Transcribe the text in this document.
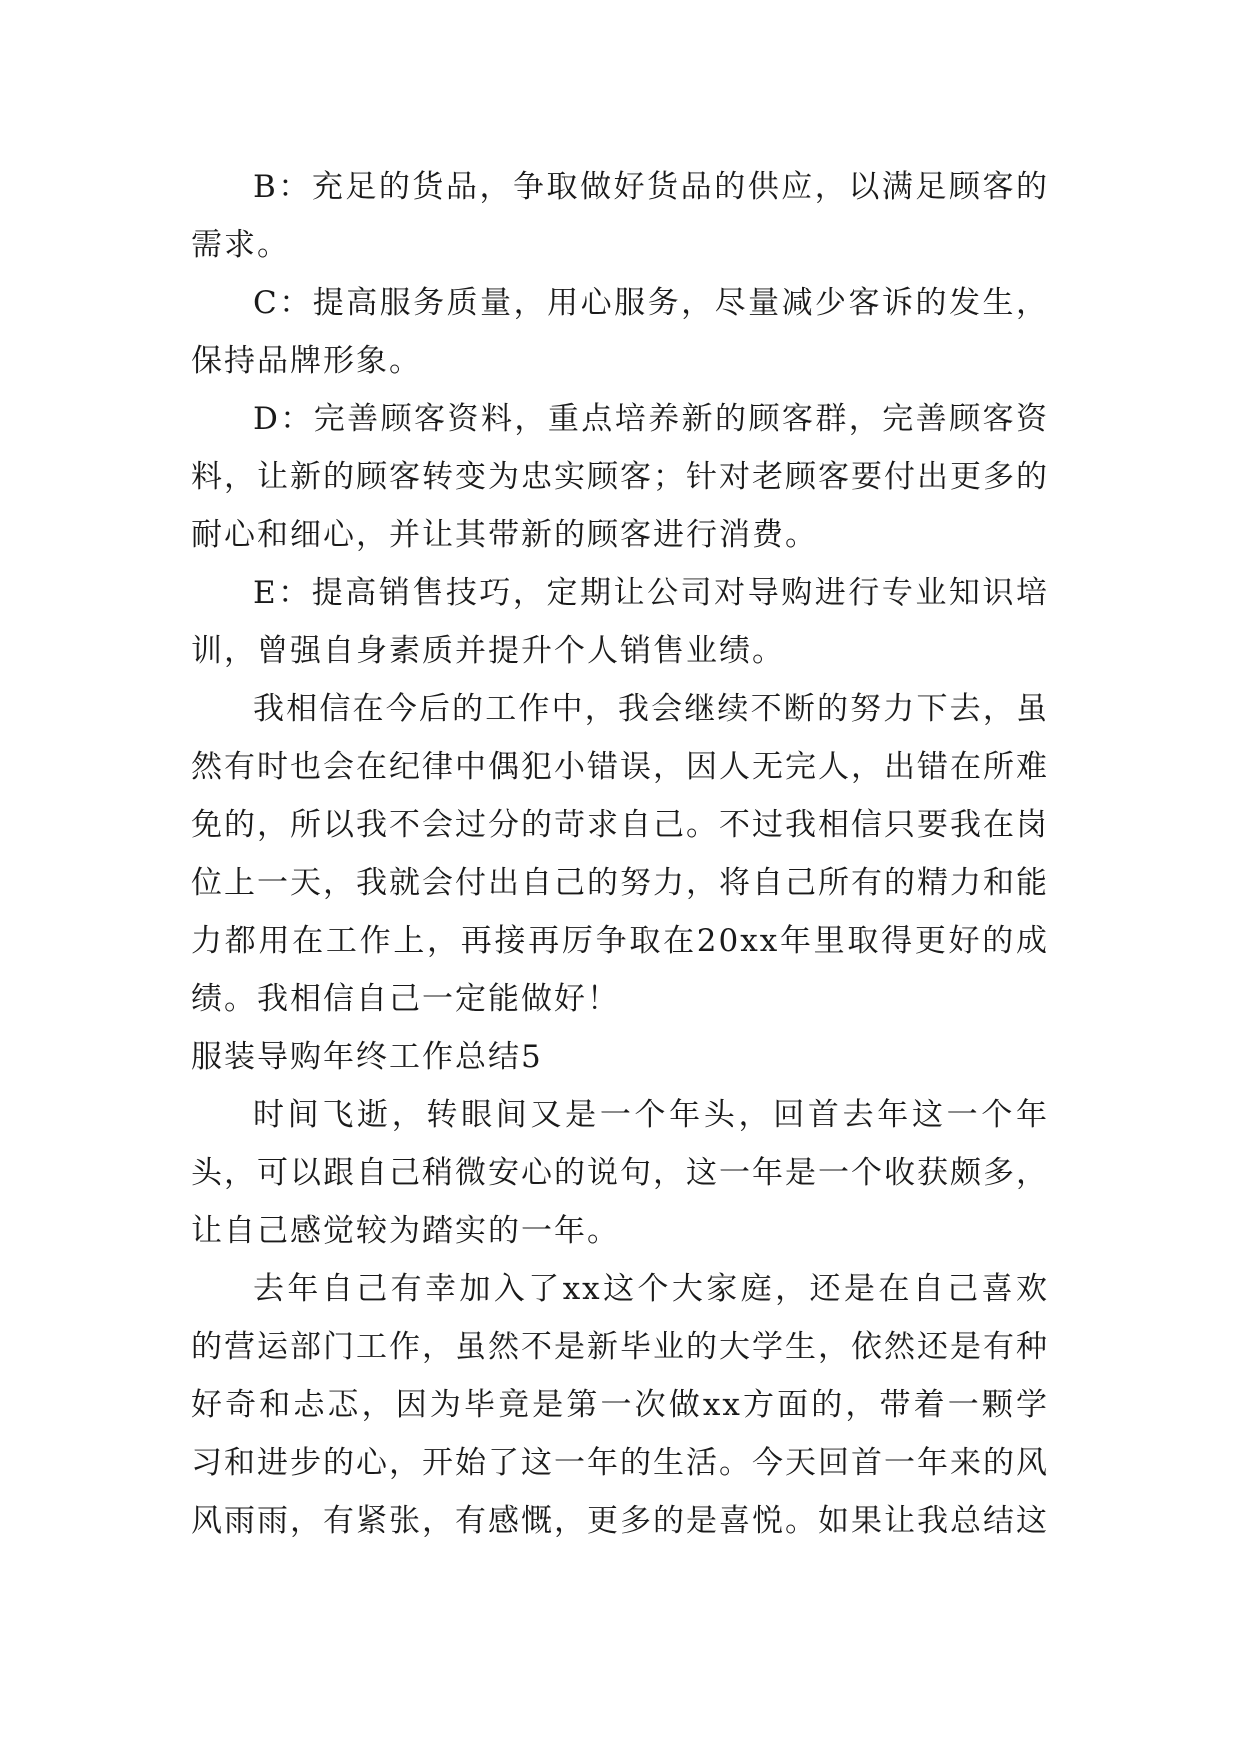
B：充足的货品，争取做好货品的供应，以满足顾客的需求。

C：提高服务质量，用心服务，尽量减少客诉的发生，保持品牌形象。

D：完善顾客资料，重点培养新的顾客群，完善顾客资料，让新的顾客转变为忠实顾客；针对老顾客要付出更多的耐心和细心，并让其带新的顾客进行消费。

E：提高销售技巧，定期让公司对导购进行专业知识培训，曾强自身素质并提升个人销售业绩。

我相信在今后的工作中，我会继续不断的努力下去，虽然有时也会在纪律中偶犯小错误，因人无完人，出错在所难免的，所以我不会过分的苛求自己。不过我相信只要我在岗位上一天，我就会付出自己的努力，将自己所有的精力和能力都用在工作上，再接再厉争取在20xx年里取得更好的成绩。我相信自己一定能做好！

服装导购年终工作总结5

时间飞逝，转眼间又是一个年头，回首去年这一个年头，可以跟自己稍微安心的说句，这一年是一个收获颇多，让自己感觉较为踏实的一年。

去年自己有幸加入了xx这个大家庭，还是在自己喜欢的营运部门工作，虽然不是新毕业的大学生，依然还是有种好奇和忐忑，因为毕竟是第一次做xx方面的，带着一颗学习和进步的心，开始了这一年的生活。今天回首一年来的风风雨雨，有紧张，有感慨，更多的是喜悦。如果让我总结这
